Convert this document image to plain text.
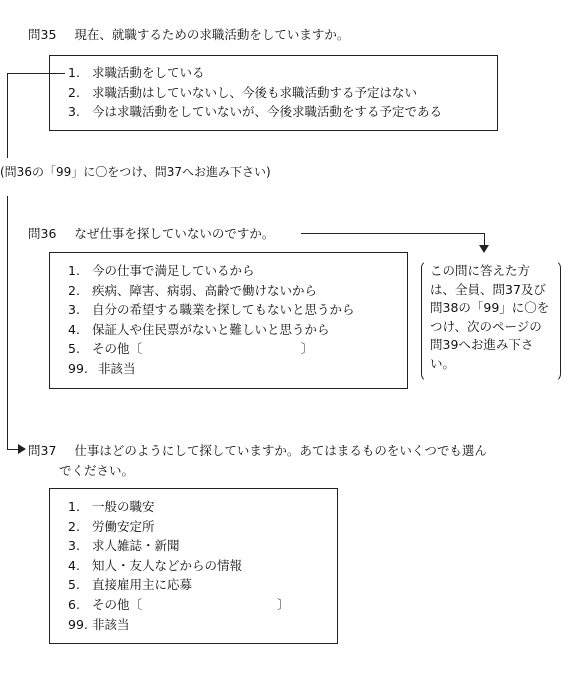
問35 現在、就職するための求職活動をしていますか。
1. 求職活動をしている
2. 求職活動はしていないし、今後も求職活動する予定はない
3. 今は求職活動をしていないが、今後求職活動をする予定である
(問36の「99」に〇をつけ、問37へお進み下さい)
問36 なぜ仕事を探していないのですか。
1. 今の仕事で満足しているから
2. 疾病、障害、病弱、高齢で働けないから
3. 自分の希望する職業を探してもないと思うから
4. 保証人や住民票がないと難しいと思うから
5. その他〔                                        〕
99. 非該当
この問に答えた方
は、全員、問37及び
問38の「99」に〇を
つけ、次のページの
問39へお進み下さ
い。
問37 仕事はどのようにして探していますか。あてはまるものをいくつでも選ん
でください。
1. 一般の職安
2. 労働安定所
3. 求人雑誌・新聞
4. 知人・友人などからの情報
5. 直接雇用主に応募
6. その他〔                                  〕
99. 非該当
